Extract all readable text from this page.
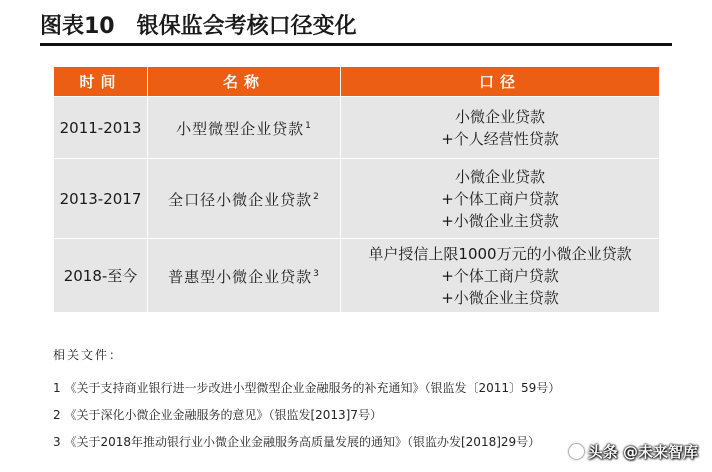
图表10 银保监会考核口径变化
时间	名称	口径
2011-2013	小型微型企业贷款$^1$	小微企业贷款
+个人经营性贷款

2013-2017	全口径小微企业贷款$^2$	小微企业贷款
+个体工商户贷款
+小微企业主贷款

2018-至今	普惠型小微企业贷款$^3$	单户授信上限1000万元的小微企业贷款
+个体工商户贷款
+小微企业主贷款
相关文件：
1 《关于支持商业银行进一步改进小型微型企业金融服务的补充通知》（银监发〔2011〕59号）
2 《关于深化小微企业金融服务的意见》（银监发[2013]7号）
3 《关于2018年推动银行业小微企业金融服务高质量发展的通知》（银监办发[2018]29号）
头条 @未来智库
